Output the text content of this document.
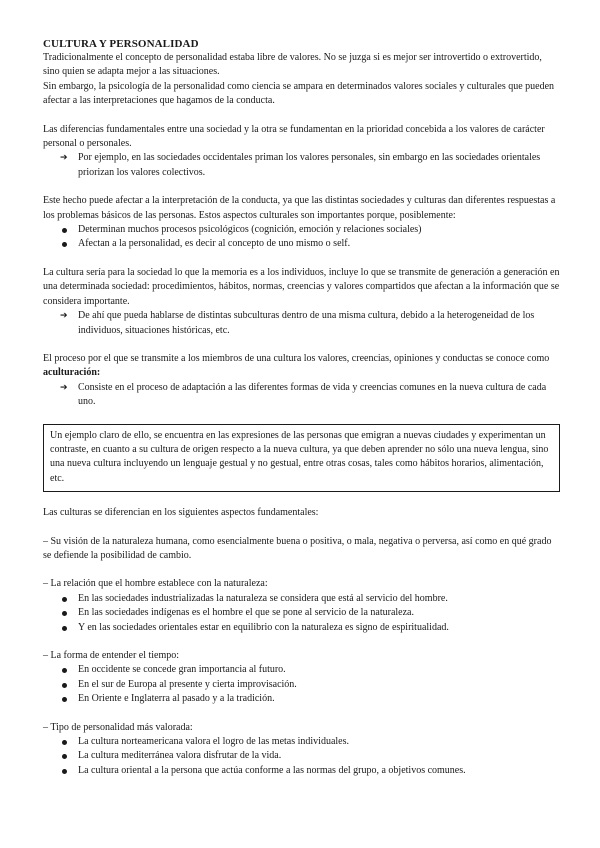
CULTURA Y PERSONALIDAD

Tradicionalmente el concepto de personalidad estaba libre de valores. No se juzga si es mejor ser introvertido o extrovertido, sino quien se adapta mejor a las situaciones.

Sin embargo, la psicología de la personalidad como ciencia se ampara en determinados valores sociales y culturales que pueden afectar a las interpretaciones que hagamos de la conducta.

Las diferencias fundamentales entre una sociedad y la otra se fundamentan en la prioridad concebida a los valores de carácter personal o personales.

➔ Por ejemplo, en las sociedades occidentales priman los valores personales, sin embargo en las sociedades orientales priorizan los valores colectivos.

Este hecho puede afectar a la interpretación de la conducta, ya que las distintas sociedades y culturas dan diferentes respuestas a los problemas básicos de las personas. Estos aspectos culturales son importantes porque, posiblemente:

Determinan muchos procesos psicológicos (cognición, emoción y relaciones sociales)
Afectan a la personalidad, es decir al concepto de uno mismo o self.

La cultura sería para la sociedad lo que la memoria es a los individuos, incluye lo que se transmite de generación a generación en una determinada sociedad: procedimientos, hábitos, normas, creencias y valores compartidos que afectan a la información que se considera importante.

➔ De ahí que pueda hablarse de distintas subculturas dentro de una misma cultura, debido a la heterogeneidad de los individuos, situaciones históricas, etc.

El proceso por el que se transmite a los miembros de una cultura los valores, creencias, opiniones y conductas se conoce como aculturación:

➔ Consiste en el proceso de adaptación a las diferentes formas de vida y creencias comunes en la nueva cultura de cada uno.

Un ejemplo claro de ello, se encuentra en las expresiones de las personas que emigran a nuevas ciudades y experimentan un contraste, en cuanto a su cultura de origen respecto a la nueva cultura, ya que deben aprender no sólo una nueva lengua, sino una nueva cultura incluyendo un lenguaje gestual y no gestual, entre otras cosas, tales como hábitos horarios, alimentación, etc.

Las culturas se diferencian en los siguientes aspectos fundamentales:

– Su visión de la naturaleza humana, como esencialmente buena o positiva, o mala, negativa o perversa, así como en qué grado se defiende la posibilidad de cambio.

– La relación que el hombre establece con la naturaleza:

En las sociedades industrializadas la naturaleza se considera que está al servicio del hombre.
En las sociedades indígenas es el hombre el que se pone al servicio de la naturaleza.
Y en las sociedades orientales estar en equilibrio con la naturaleza es signo de espiritualidad.

– La forma de entender el tiempo:

En occidente se concede gran importancia al futuro.
En el sur de Europa al presente y cierta improvisación.
En Oriente e Inglaterra al pasado y a la tradición.

– Tipo de personalidad más valorada:

La cultura norteamericana valora el logro de las metas individuales.
La cultura mediterránea valora disfrutar de la vida.
La cultura oriental a la persona que actúa conforme a las normas del grupo, a objetivos comunes.
